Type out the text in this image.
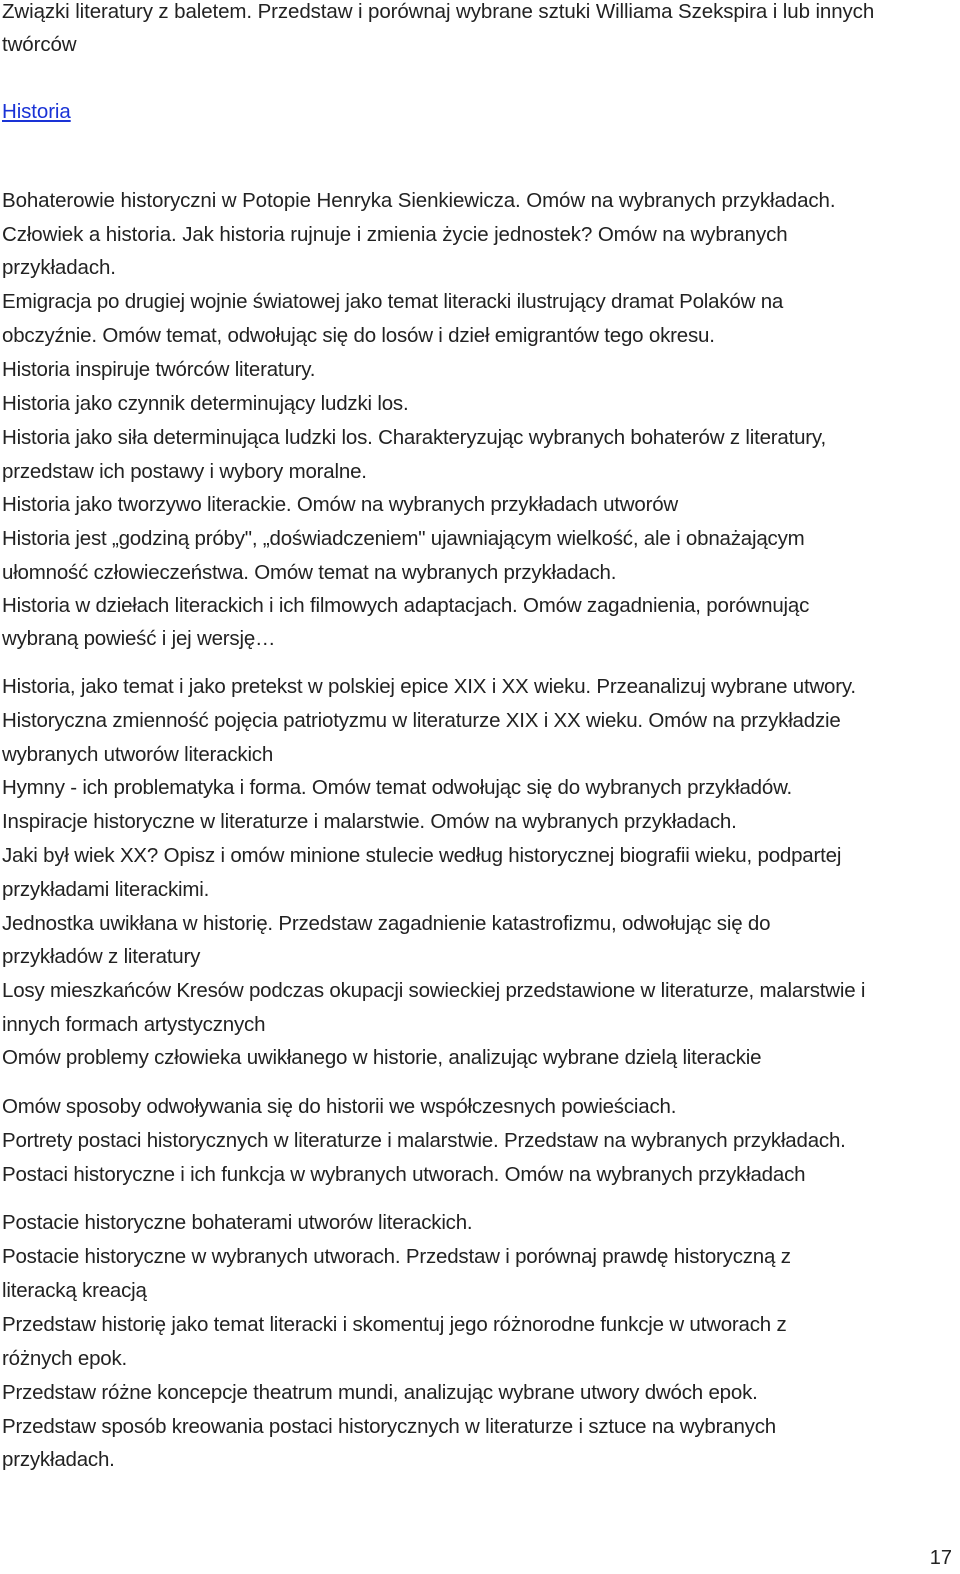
Związki literatury z baletem. Przedstaw i porównaj wybrane sztuki Williama Szekspira i lub innych
twórców
Historia
Bohaterowie historyczni w Potopie Henryka Sienkiewicza. Omów na wybranych przykładach.
Człowiek a historia. Jak historia rujnuje i zmienia życie jednostek? Omów na wybranych
przykładach.
Emigracja po drugiej wojnie światowej jako temat literacki ilustrujący dramat Polaków na
obczyźnie. Omów temat, odwołując się do losów i dzieł emigrantów tego okresu.
Historia inspiruje twórców literatury.
Historia jako czynnik determinujący ludzki los.
Historia jako siła determinująca ludzki los. Charakteryzując wybranych bohaterów z literatury,
przedstaw ich postawy i wybory moralne.
Historia jako tworzywo literackie. Omów na wybranych przykładach utworów
Historia jest „godziną próby", „doświadczeniem" ujawniającym wielkość, ale i obnażającym
ułomność człowieczeństwa. Omów temat na wybranych przykładach.
Historia w dziełach literackich i ich filmowych adaptacjach. Omów zagadnienia, porównując
wybraną powieść i jej wersję…
Historia, jako temat i jako pretekst w polskiej epice XIX i XX wieku. Przeanalizuj wybrane utwory.
Historyczna zmienność pojęcia patriotyzmu w literaturze XIX i XX wieku. Omów na przykładzie
wybranych utworów literackich
Hymny - ich problematyka i forma. Omów temat odwołując się do wybranych przykładów.
Inspiracje historyczne w literaturze i malarstwie. Omów na wybranych przykładach.
Jaki był wiek XX? Opisz i omów minione stulecie według historycznej biografii wieku, podpartej
przykładami literackimi.
Jednostka uwikłana w historię. Przedstaw zagadnienie katastrofizmu, odwołując się do
przykładów z literatury
Losy mieszkańców Kresów podczas okupacji sowieckiej przedstawione w literaturze, malarstwie i
innych formach artystycznych
Omów problemy człowieka uwikłanego w historie, analizując wybrane dzielą literackie
Omów sposoby odwoływania się do historii we współczesnych powieściach.
Portrety postaci historycznych w literaturze i malarstwie. Przedstaw na wybranych przykładach.
Postaci historyczne i ich funkcja w wybranych utworach. Omów na wybranych przykładach
Postacie historyczne bohaterami utworów literackich.
Postacie historyczne w wybranych utworach. Przedstaw i porównaj prawdę historyczną z
literacką kreacją
Przedstaw historię jako temat literacki i skomentuj jego różnorodne funkcje w utworach z
różnych epok.
Przedstaw różne koncepcje theatrum mundi, analizując wybrane utwory dwóch epok.
Przedstaw sposób kreowania postaci historycznych w literaturze i sztuce na wybranych
przykładach.
17
